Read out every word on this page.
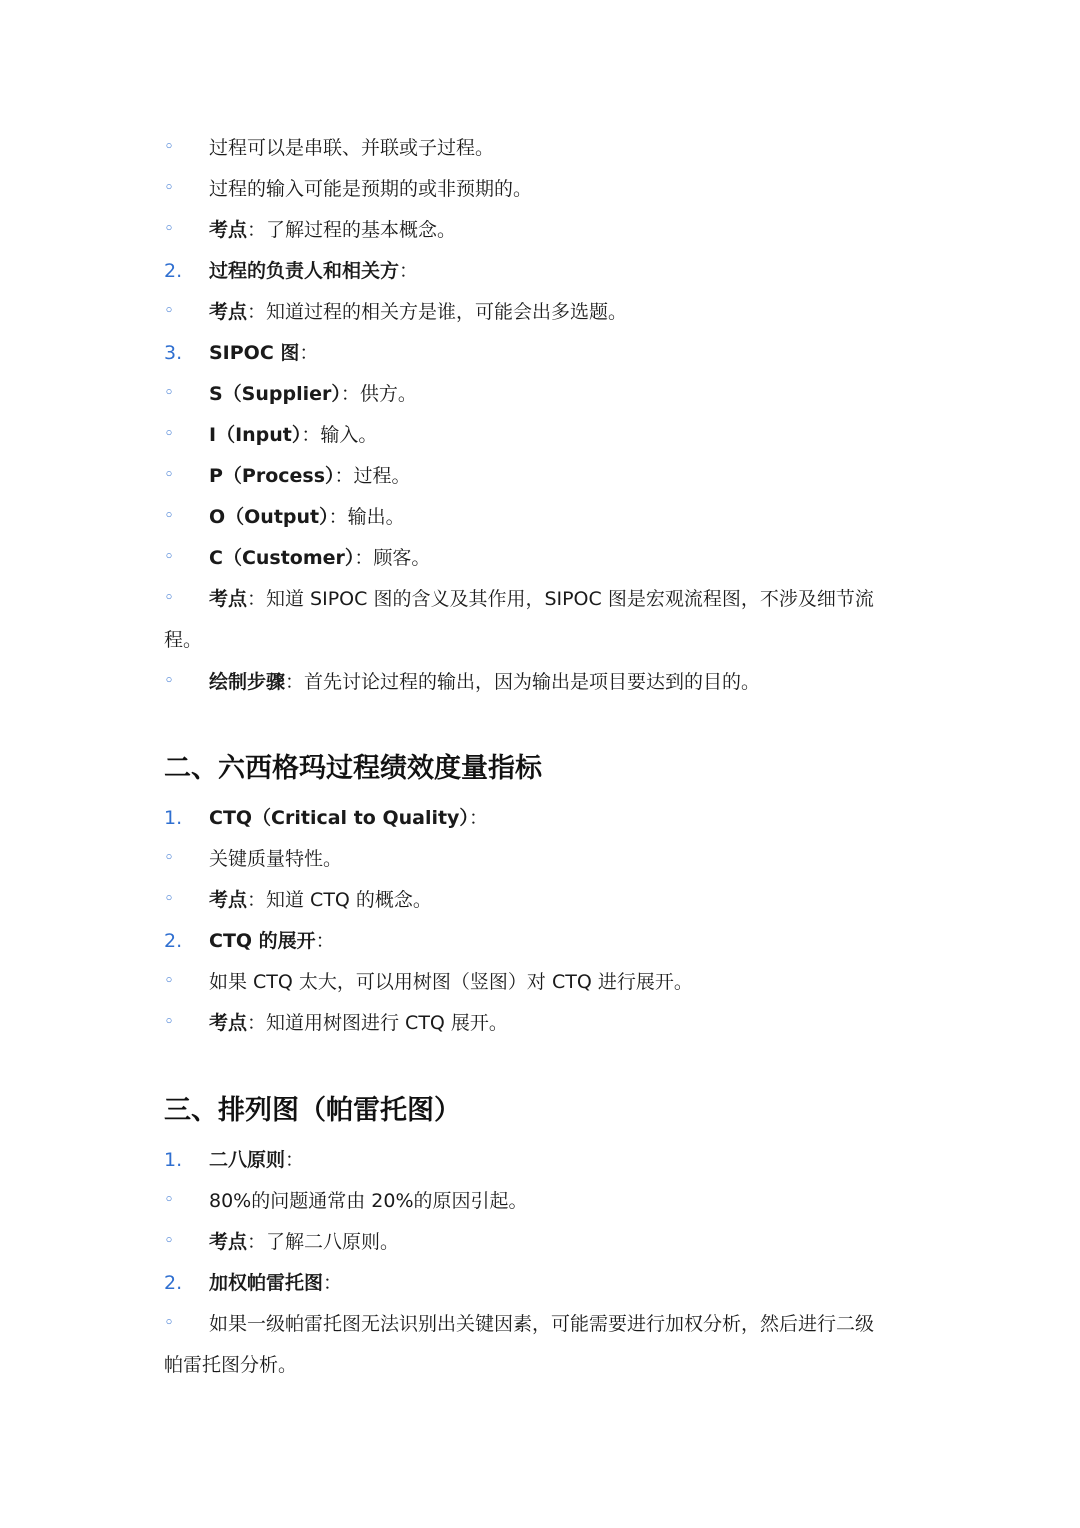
◦ 过程可以是串联、并联或子过程。
◦ 过程的输入可能是预期的或非预期的。
◦ 考点：了解过程的基本概念。
2. 过程的负责人和相关方：
◦ 考点：知道过程的相关方是谁，可能会出多选题。
3. SIPOC 图：
◦ S（Supplier）：供方。
◦ I（Input）：输入。
◦ P（Process）：过程。
◦ O（Output）：输出。
◦ C（Customer）：顾客。
◦ 考点：知道 SIPOC 图的含义及其作用，SIPOC 图是宏观流程图，不涉及细节流
程。
◦ 绘制步骤：首先讨论过程的输出，因为输出是项目要达到的目的。
二、六西格玛过程绩效度量指标
1. CTQ（Critical to Quality）：
◦ 关键质量特性。
◦ 考点：知道 CTQ 的概念。
2. CTQ 的展开：
◦ 如果 CTQ 太大，可以用树图（竖图）对 CTQ 进行展开。
◦ 考点：知道用树图进行 CTQ 展开。
三、排列图（帕雷托图）
1. 二八原则：
◦ 80%的问题通常由 20%的原因引起。
◦ 考点：了解二八原则。
2. 加权帕雷托图：
◦ 如果一级帕雷托图无法识别出关键因素，可能需要进行加权分析，然后进行二级
帕雷托图分析。
